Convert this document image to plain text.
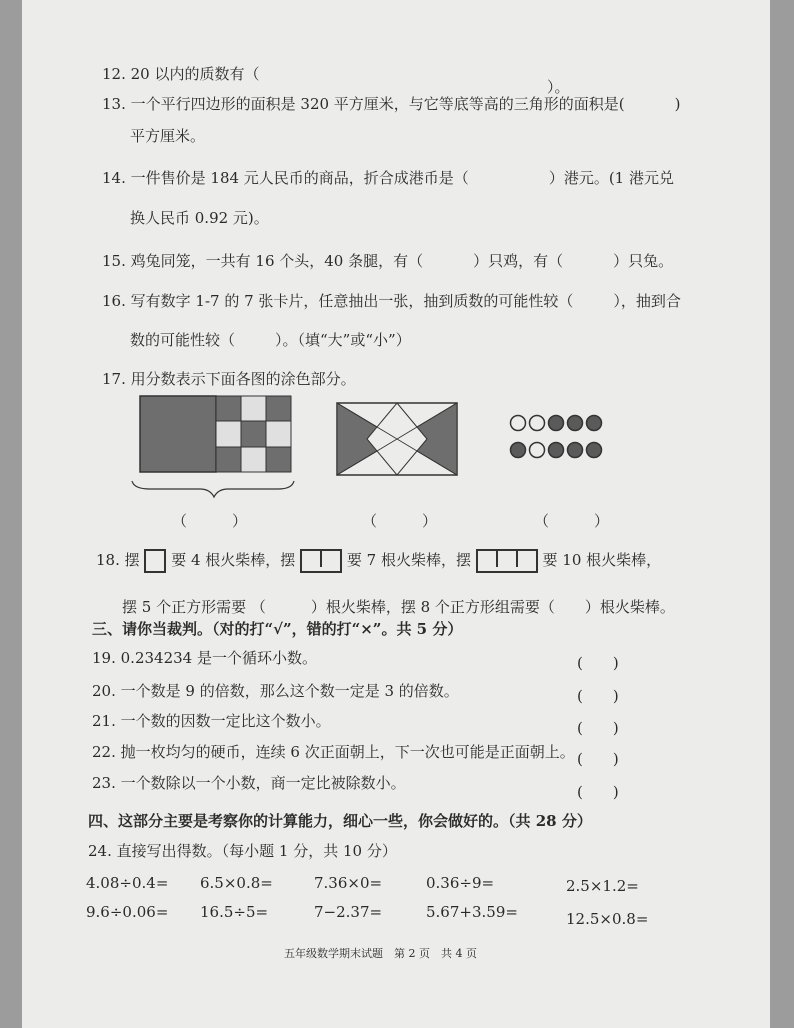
12. 20 以内的质数有（
）。
13. 一个平行四边形的面积是 320 平方厘米，与它等底等高的三角形的面积是(	)
平方厘米。
14. 一件售价是 184 元人民币的商品，折合成港币是（	）港元。(1 港元兑
换人民币 0.92 元)。
15. 鸡兔同笼，一共有 16 个头，40 条腿，有（	）只鸡，有（	）只兔。
16. 写有数字 1-7 的 7 张卡片，任意抽出一张，抽到质数的可能性较（	），抽到合
数的可能性较（	）。（填“大”或“小”）
17. 用分数表示下面各图的涂色部分。
（　　　）	（　　　）	（　　　）
18. 摆 要 4 根火柴棒，摆	要 7 根火柴棒，摆	要 10 根火柴棒，
摆 5 个正方形需要 （　　　）根火柴棒，摆 8 个正方形组需要（　　）根火柴棒。
三、请你当裁判。（对的打“√”，错的打“×”。共 5 分）
19. 0.234234 是一个循环小数。	(　　)
20. 一个数是 9 的倍数，那么这个数一定是 3 的倍数。	(　　)
21. 一个数的因数一定比这个数小。	(　　)
22. 抛一枚均匀的硬币，连续 6 次正面朝上，下一次也可能是正面朝上。 (　　)
23. 一个数除以一个小数，商一定比被除数小。	(　　)
四、这部分主要是考察你的计算能力，细心一些，你会做好的。（共 28 分）
24. 直接写出得数。（每小题 1 分，共 10 分）
4.08÷0.4= 6.5×0.8=	7.36×0=	0.36÷9=	2.5×1.2=
9.6÷0.06= 16.5÷5=	7−2.37=	5.67+3.59=	12.5×0.8=
五年级数学期末试题　第 2 页　共 4 页
